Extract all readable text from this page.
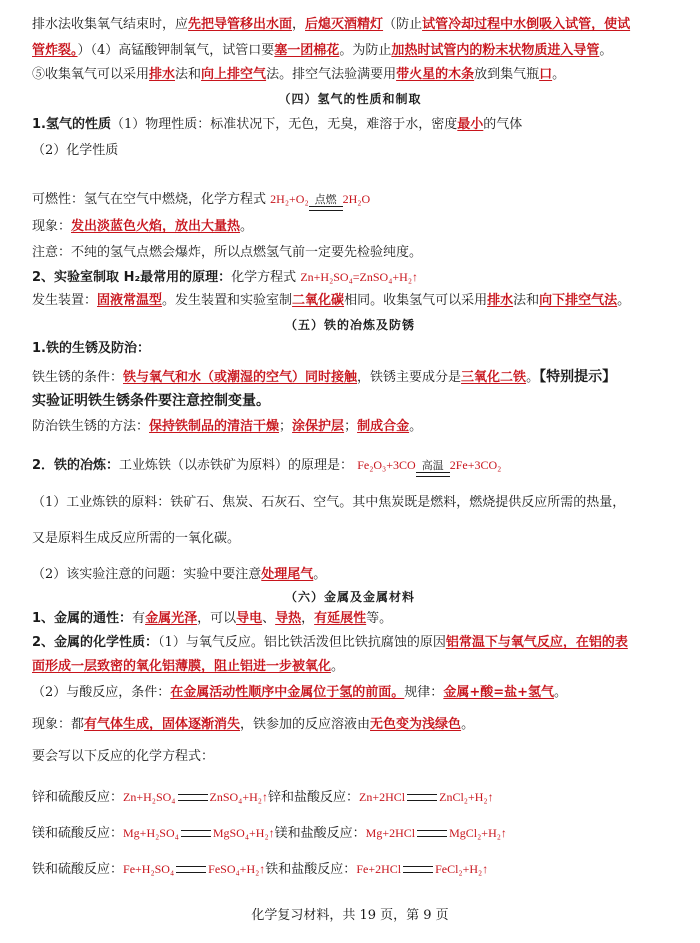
排水法收集氧气结束时，应先把导管移出水面，后熄灭酒精灯（防止试管冷却过程中水倒吸入试管，使试
管炸裂。）（4）高锰酸钾制氧气，试管口要塞一团棉花。为防止加热时试管内的粉末状物质进入导管。
⑤收集氧气可以采用排水法和向上排空气法。排空气法验满要用带火星的木条放到集气瓶口。
（四）氢气的性质和制取
1.氢气的性质（1）物理性质：标准状况下，无色，无臭，难溶于水，密度最小的气体
（2）化学性质
可燃性：氢气在空气中燃烧，化学方程式 2H₂+O₂ 点燃 2H₂O
现象：发出淡蓝色火焰，放出大量热。
注意：不纯的氢气点燃会爆炸，所以点燃氢气前一定要先检验纯度。
2、实验室制取 H₂最常用的原理：化学方程式 Zn+H₂SO₄=ZnSO₄+H₂↑
发生装置：固液常温型。发生装置和实验室制二氧化碳相同。收集氢气可以采用排水法和向下排空气法。
（五）铁的冶炼及防锈
1.铁的生锈及防治：
铁生锈的条件：铁与氧气和水（或潮湿的空气）同时接触，铁锈主要成分是三氧化二铁。【特别提示】
实验证明铁生锈条件要注意控制变量。
防治铁生锈的方法：保持铁制品的清洁干燥；涂保护层；制成合金。
2．铁的冶炼：工业炼铁（以赤铁矿为原料）的原理是： Fe₂O₃+3CO 高温 2Fe+3CO₂
（1）工业炼铁的原料：铁矿石、焦炭、石灰石、空气。其中焦炭既是燃料，燃烧提供反应所需的热量，
又是原料生成反应所需的一氧化碳。
（2）该实验注意的问题：实验中要注意处理尾气。
（六）金属及金属材料
1、金属的通性：有金属光泽，可以导电、导热，有延展性等。
2、金属的化学性质：（1）与氧气反应。铝比铁活泼但比铁抗腐蚀的原因铝常温下与氧气反应，在铝的表
面形成一层致密的氧化铝薄膜，阻止铝进一步被氧化。
（2）与酸反应，条件：在金属活动性顺序中金属位于氢的前面。规律：金属+酸=盐+氢气。
现象：都有气体生成，固体逐渐消失，铁参加的反应溶液由无色变为浅绿色。
要会写以下反应的化学方程式：
锌和硫酸反应：Zn+H₂SO₄	ZnSO₄+H₂↑锌和盐酸反应：Zn+2HCl	ZnCl₂+H₂↑
镁和硫酸反应：Mg+H₂SO₄	MgSO₄+H₂↑镁和盐酸反应：Mg+2HCl	MgCl₂+H₂↑
铁和硫酸反应：Fe+H₂SO₄	FeSO₄+H₂↑铁和盐酸反应：Fe+2HCl	FeCl₂+H₂↑
化学复习材料，共 19 页，第 9 页
